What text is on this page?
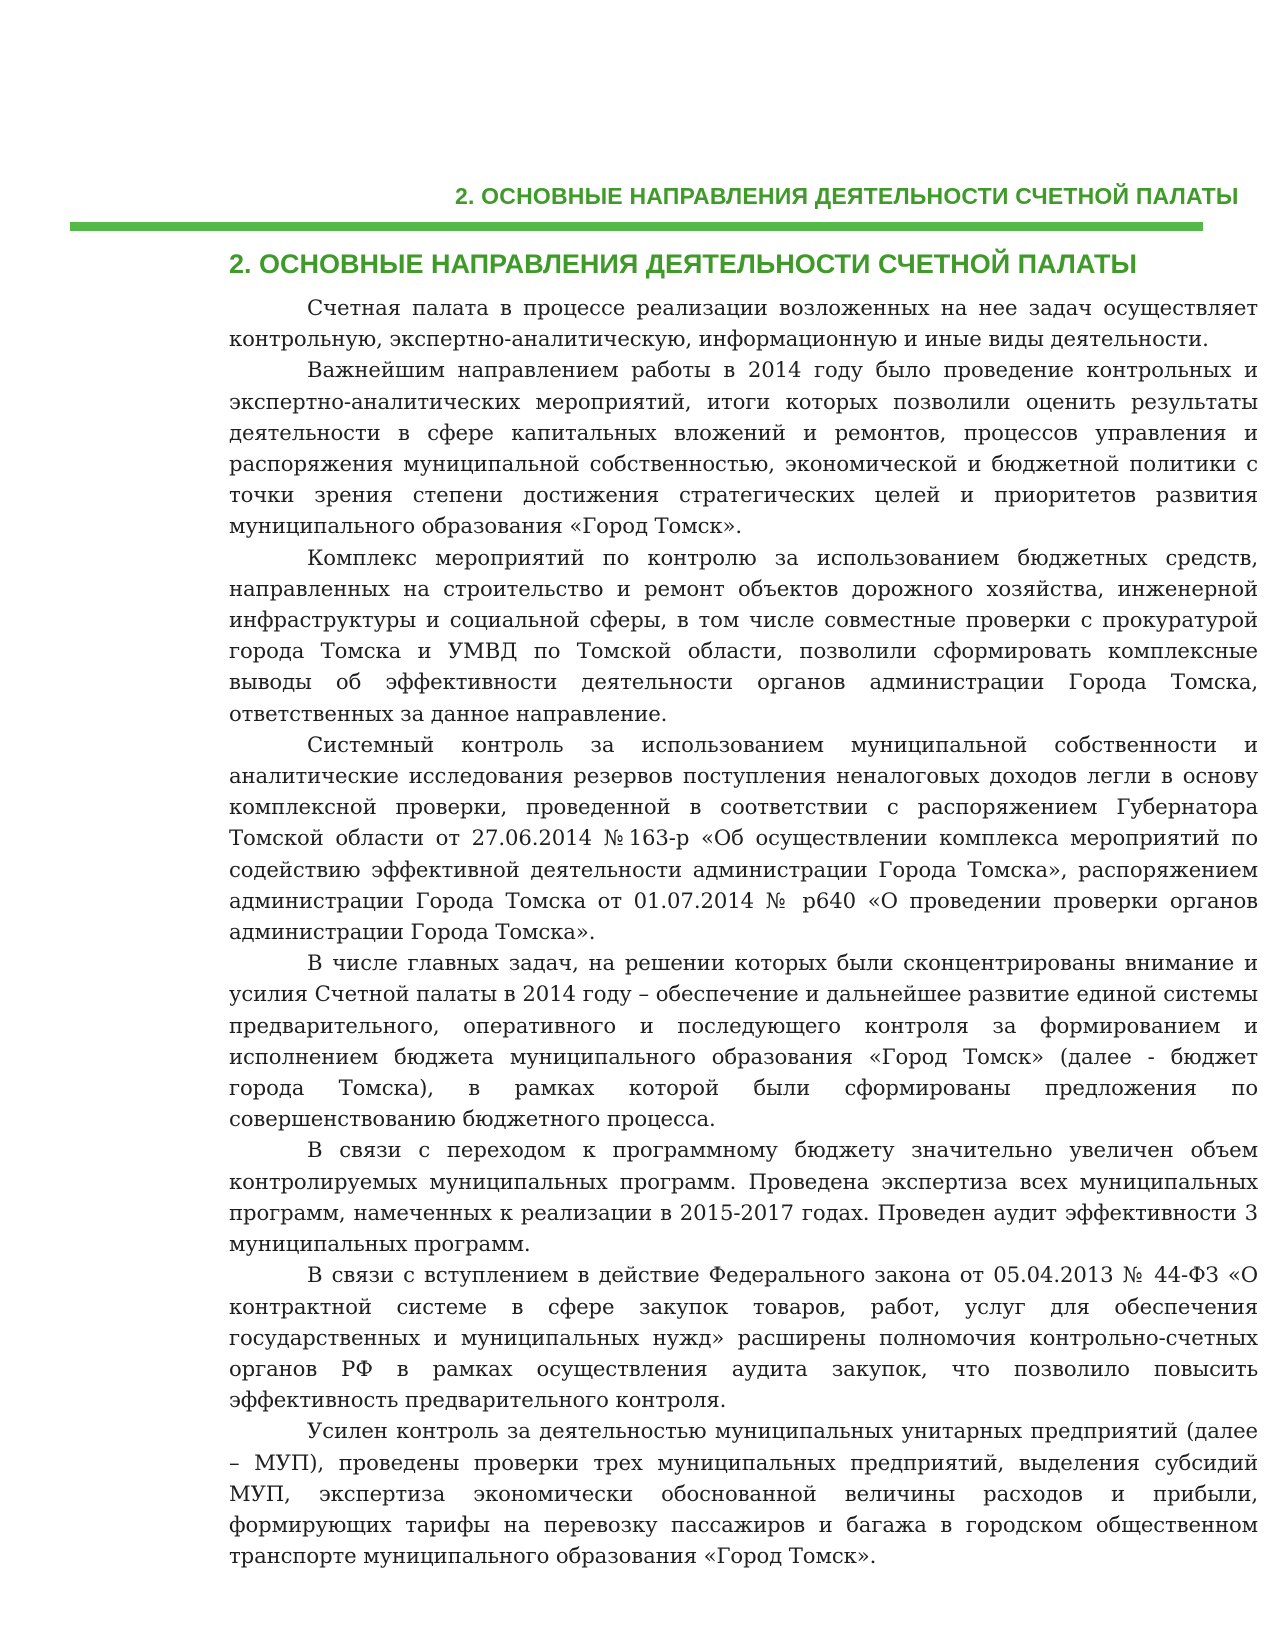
2. ОСНОВНЫЕ НАПРАВЛЕНИЯ ДЕЯТЕЛЬНОСТИ СЧЕТНОЙ ПАЛАТЫ
2. ОСНОВНЫЕ НАПРАВЛЕНИЯ ДЕЯТЕЛЬНОСТИ СЧЕТНОЙ ПАЛАТЫ

Счетная палата в процессе реализации возложенных на нее задач осуществляет контрольную, экспертно-аналитическую, информационную и иные виды деятельности.

Важнейшим направлением работы в 2014 году было проведение контрольных и экспертно-аналитических мероприятий, итоги которых позволили оценить результаты деятельности в сфере капитальных вложений и ремонтов, процессов управления и распоряжения муниципальной собственностью, экономической и бюджетной политики с точки зрения степени достижения стратегических целей и приоритетов развития муниципального образования «Город Томск».

Комплекс мероприятий по контролю за использованием бюджетных средств, направленных на строительство и ремонт объектов дорожного хозяйства, инженерной инфраструктуры и социальной сферы, в том числе совместные проверки с прокуратурой города Томска и УМВД по Томской области, позволили сформировать комплексные выводы об эффективности деятельности органов администрации Города Томска, ответственных за данное направление.

Системный контроль за использованием муниципальной собственности и аналитические исследования резервов поступления неналоговых доходов легли в основу комплексной проверки, проведенной в соответствии с распоряжением Губернатора Томской области от 27.06.2014 №163-р «Об осуществлении комплекса мероприятий по содействию эффективной деятельности администрации Города Томска», распоряжением администрации Города Томска от 01.07.2014 № р640 «О проведении проверки органов администрации Города Томска».

В числе главных задач, на решении которых были сконцентрированы внимание и усилия Счетной палаты в 2014 году – обеспечение и дальнейшее развитие единой системы предварительного, оперативного и последующего контроля за формированием и исполнением бюджета муниципального образования «Город Томск» (далее - бюджет города Томска), в рамках которой были сформированы предложения по совершенствованию бюджетного процесса.

В связи с переходом к программному бюджету значительно увеличен объем контролируемых муниципальных программ. Проведена экспертиза всех муниципальных программ, намеченных к реализации в 2015-2017 годах. Проведен аудит эффективности 3 муниципальных программ.

В связи с вступлением в действие Федерального закона от 05.04.2013 № 44-ФЗ «О контрактной системе в сфере закупок товаров, работ, услуг для обеспечения государственных и муниципальных нужд» расширены полномочия контрольно-счетных органов РФ в рамках осуществления аудита закупок, что позволило повысить эффективность предварительного контроля.

Усилен контроль за деятельностью муниципальных унитарных предприятий (далее – МУП), проведены проверки трех муниципальных предприятий, выделения субсидий МУП, экспертиза экономически обоснованной величины расходов и прибыли, формирующих тарифы на перевозку пассажиров и багажа в городском общественном транспорте муниципального образования «Город Томск».
